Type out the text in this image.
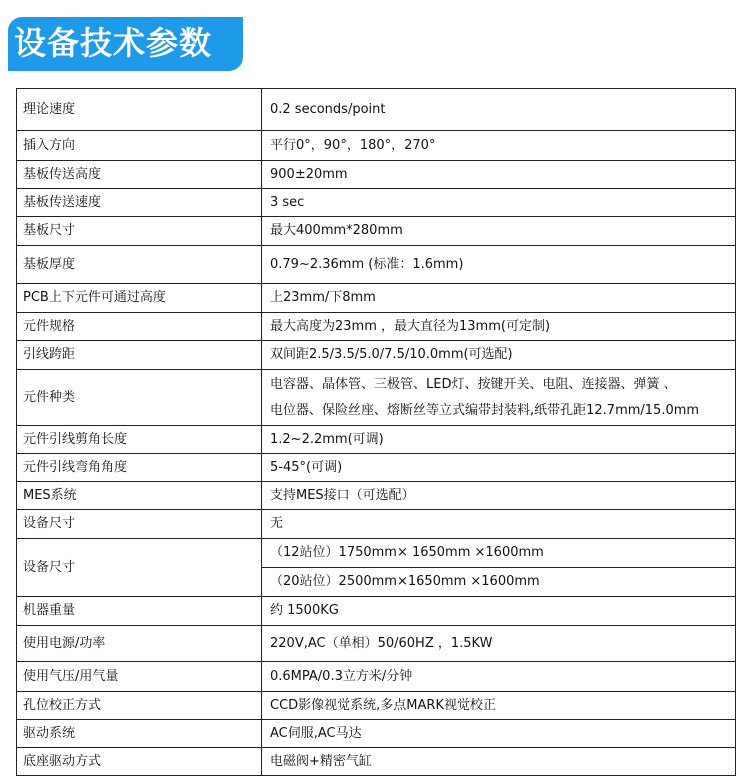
设备技术参数
理论速度	0.2 seconds/point
插入方向	平行0°，90°，180°，270°
基板传送高度	900±20mm
基板传送速度	3 sec
基板尺寸	最大400mm*280mm
基板厚度	0.79~2.36mm (标准：1.6mm)
PCB上下元件可通过高度	上23mm/下8mm
元件规格	最大高度为23mm ，最大直径为13mm(可定制)
引线跨距	双间距2.5/3.5/5.0/7.5/10.0mm(可选配)
元件种类	电容器、晶体管、三极管、LED灯、按键开关、电阻、连接器、弹簧 、
电位器、保险丝座、熔断丝等立式编带封装料,纸带孔距12.7mm/15.0mm

元件引线剪角长度	1.2~2.2mm(可调)
元件引线弯角角度	5-45°(可调)
MES系统	支持MES接口（可选配）
设备尺寸	无
设备尺寸	（12站位）1750mm× 1650mm ×1600mm
	（20站位）2500mm×1650mm ×1600mm
机器重量	约 1500KG
使用电源/功率	220V,AC（单相）50/60HZ ，1.5KW
使用气压/用气量	0.6MPA/0.3立方米/分钟
孔位校正方式	CCD影像视觉系统,多点MARK视觉校正
驱动系统	AC伺服,AC马达
底座驱动方式	电磁阀+精密气缸
